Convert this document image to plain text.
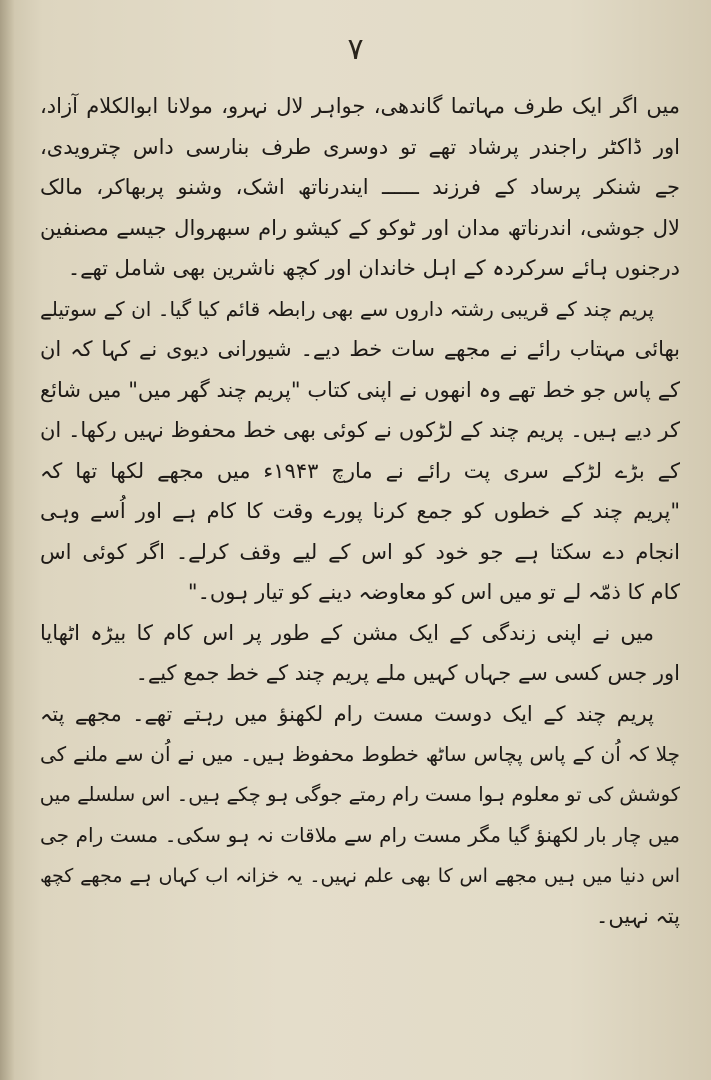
۷
میں اگر ایک طرف مہاتما گاندھی، جواہر لال نہرو، مولانا ابوالکلام آزاد،
اور ڈاکٹر راجندر پرشاد تھے تو دوسری طرف بنارسی داس چترویدی،
جے شنکر پرساد کے فرزند ــــــ ایندرناتھ اشک، وشنو پربھاکر، مالک
لال جوشی، اندرناتھ مدان اور ٹوکو کے کیشو رام سبھروال جیسے مصنفین
درجنوں ہائے سرکردہ کے اہل خاندان اور کچھ ناشرین بھی شامل تھے۔
پریم چند کے قریبی رشتہ داروں سے بھی رابطہ قائم کیا گیا۔ ان کے سوتیلے
بھائی مہتاب رائے نے مجھے سات خط دیے۔ شیورانی دیوی نے کہا کہ ان
کے پاس جو خط تھے وہ انھوں نے اپنی کتاب "پریم چند گھر میں" میں شائع
کر دیے ہیں۔ پریم چند کے لڑکوں نے کوئی بھی خط محفوظ نہیں رکھا۔ ان
کے بڑے لڑکے سری پت رائے نے مارچ ۱۹۴۳ء میں مجھے لکھا تھا کہ
"پریم چند کے خطوں کو جمع کرنا پورے وقت کا کام ہے اور اُسے وہی
انجام دے سکتا ہے جو خود کو اس کے لیے وقف کرلے۔ اگر کوئی اس
کام کا ذمّہ لے تو میں اس کو معاوضہ دینے کو تیار ہوں۔"
میں نے اپنی زندگی کے ایک مشن کے طور پر اس کام کا بیڑہ اٹھایا
اور جس کسی سے جہاں کہیں ملے پریم چند کے خط جمع کیے۔
پریم چند کے ایک دوست مست رام لکھنؤ میں رہتے تھے۔ مجھے پتہ
چلا کہ اُن کے پاس پچاس ساٹھ خطوط محفوظ ہیں۔ میں نے اُن سے ملنے کی
کوشش کی تو معلوم ہوا مست رام رمتے جوگی ہو چکے ہیں۔ اس سلسلے میں
میں چار بار لکھنؤ گیا مگر مست رام سے ملاقات نہ ہو سکی۔ مست رام جی
اس دنیا میں ہیں مجھے اس کا بھی علم نہیں۔ یہ خزانہ اب کہاں ہے مجھے کچھ
پتہ نہیں۔
